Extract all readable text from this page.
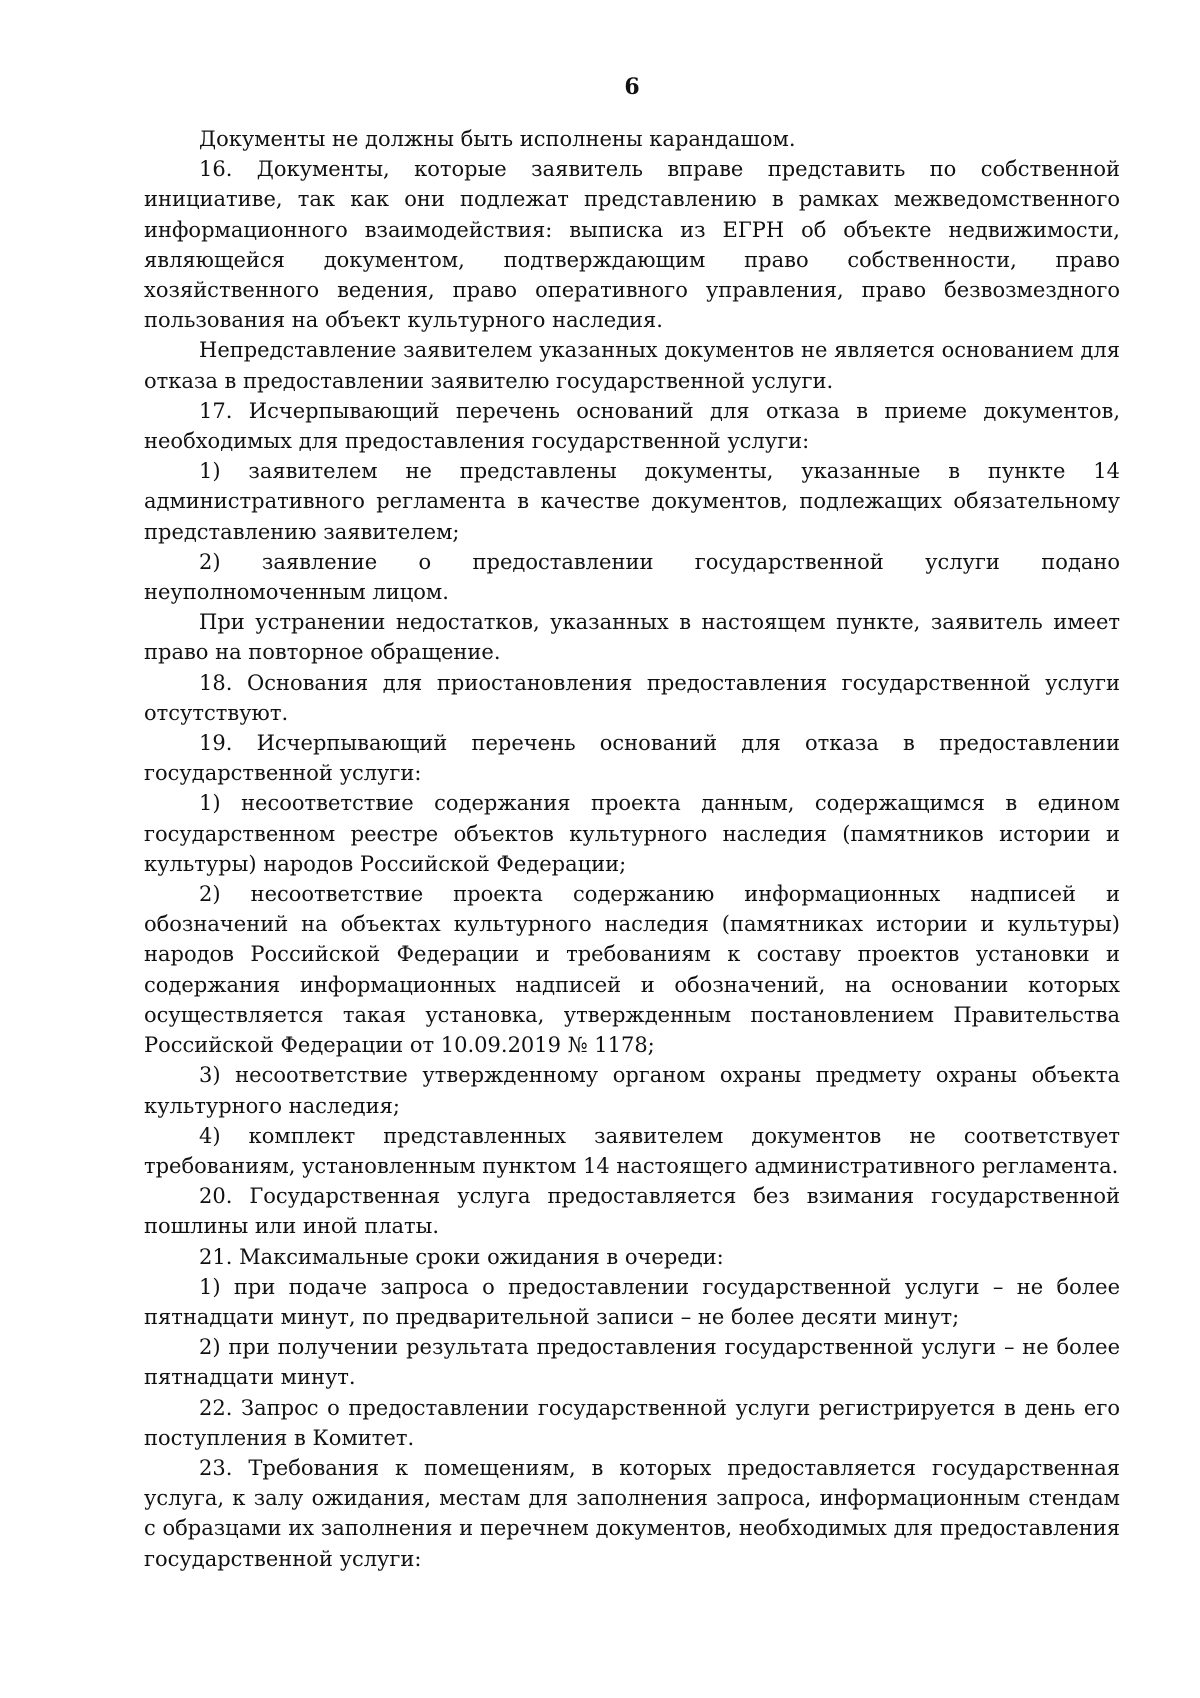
6

Документы не должны быть исполнены карандашом.

16. Документы, которые заявитель вправе представить по собственной инициативе, так как они подлежат представлению в рамках межведомственного информационного взаимодействия: выписка из ЕГРН об объекте недвижимости, являющейся документом, подтверждающим право собственности, право хозяйственного ведения, право оперативного управления, право безвозмездного пользования на объект культурного наследия.

Непредставление заявителем указанных документов не является основанием для отказа в предоставлении заявителю государственной услуги.

17. Исчерпывающий перечень оснований для отказа в приеме документов, необходимых для предоставления государственной услуги:

1) заявителем не представлены документы, указанные в пункте 14 административного регламента в качестве документов, подлежащих обязательному представлению заявителем;

2) заявление о предоставлении государственной услуги подано неуполномоченным лицом.

При устранении недостатков, указанных в настоящем пункте, заявитель имеет право на повторное обращение.

18. Основания для приостановления предоставления государственной услуги отсутствуют.

19. Исчерпывающий перечень оснований для отказа в предоставлении государственной услуги:

1) несоответствие содержания проекта данным, содержащимся в едином государственном реестре объектов культурного наследия (памятников истории и культуры) народов Российской Федерации;

2) несоответствие проекта содержанию информационных надписей и обозначений на объектах культурного наследия (памятниках истории и культуры) народов Российской Федерации и требованиям к составу проектов установки и содержания информационных надписей и обозначений, на основании которых осуществляется такая установка, утвержденным постановлением Правительства Российской Федерации от 10.09.2019 № 1178;

3) несоответствие утвержденному органом охраны предмету охраны объекта культурного наследия;

4) комплект представленных заявителем документов не соответствует требованиям, установленным пунктом 14 настоящего административного регламента.

20. Государственная услуга предоставляется без взимания государственной пошлины или иной платы.

21. Максимальные сроки ожидания в очереди:

1) при подаче запроса о предоставлении государственной услуги – не более пятнадцати минут, по предварительной записи – не более десяти минут;

2) при получении результата предоставления государственной услуги – не более пятнадцати минут.

22. Запрос о предоставлении государственной услуги регистрируется в день его поступления в Комитет.

23. Требования к помещениям, в которых предоставляется государственная услуга, к залу ожидания, местам для заполнения запроса, информационным стендам с образцами их заполнения и перечнем документов, необходимых для предоставления государственной услуги:
